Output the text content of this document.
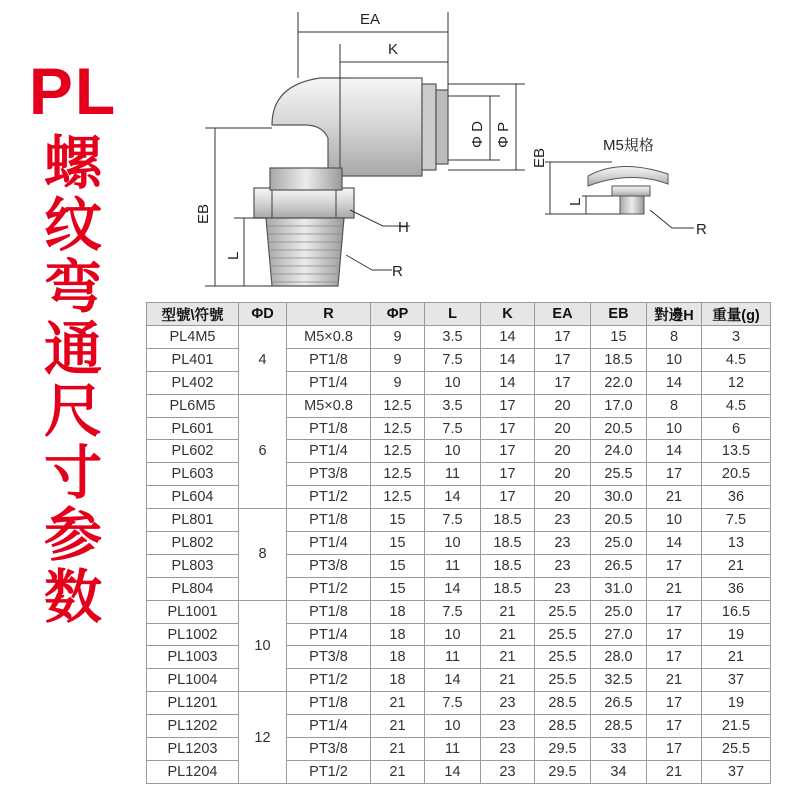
PL
螺纹弯通尺寸参数
EA
K
Φ D Φ P
EB
L
H
R
M5規格
EB
L
R
型號\符號	ΦD	R	ΦP	L	K	EA	EB	對邊H	重量(g)
PL4M5	4	M5×0.8	9	3.5	14	17	15	8	3
PL401		PT1/8	9	7.5	14	17	18.5	10	4.5
PL402		PT1/4	9	10	14	17	22.0	14	12
PL6M5	6	M5×0.8	12.5	3.5	17	20	17.0	8	4.5
PL601		PT1/8	12.5	7.5	17	20	20.5	10	6
PL602		PT1/4	12.5	10	17	20	24.0	14	13.5
PL603		PT3/8	12.5	11	17	20	25.5	17	20.5
PL604		PT1/2	12.5	14	17	20	30.0	21	36
PL801	8	PT1/8	15	7.5	18.5	23	20.5	10	7.5
PL802		PT1/4	15	10	18.5	23	25.0	14	13
PL803		PT3/8	15	11	18.5	23	26.5	17	21
PL804		PT1/2	15	14	18.5	23	31.0	21	36
PL1001	10	PT1/8	18	7.5	21	25.5	25.0	17	16.5
PL1002		PT1/4	18	10	21	25.5	27.0	17	19
PL1003		PT3/8	18	11	21	25.5	28.0	17	21
PL1004		PT1/2	18	14	21	25.5	32.5	21	37
PL1201	12	PT1/8	21	7.5	23	28.5	26.5	17	19
PL1202		PT1/4	21	10	23	28.5	28.5	17	21.5
PL1203		PT3/8	21	11	23	29.5	33	17	25.5
PL1204		PT1/2	21	14	23	29.5	34	21	37
